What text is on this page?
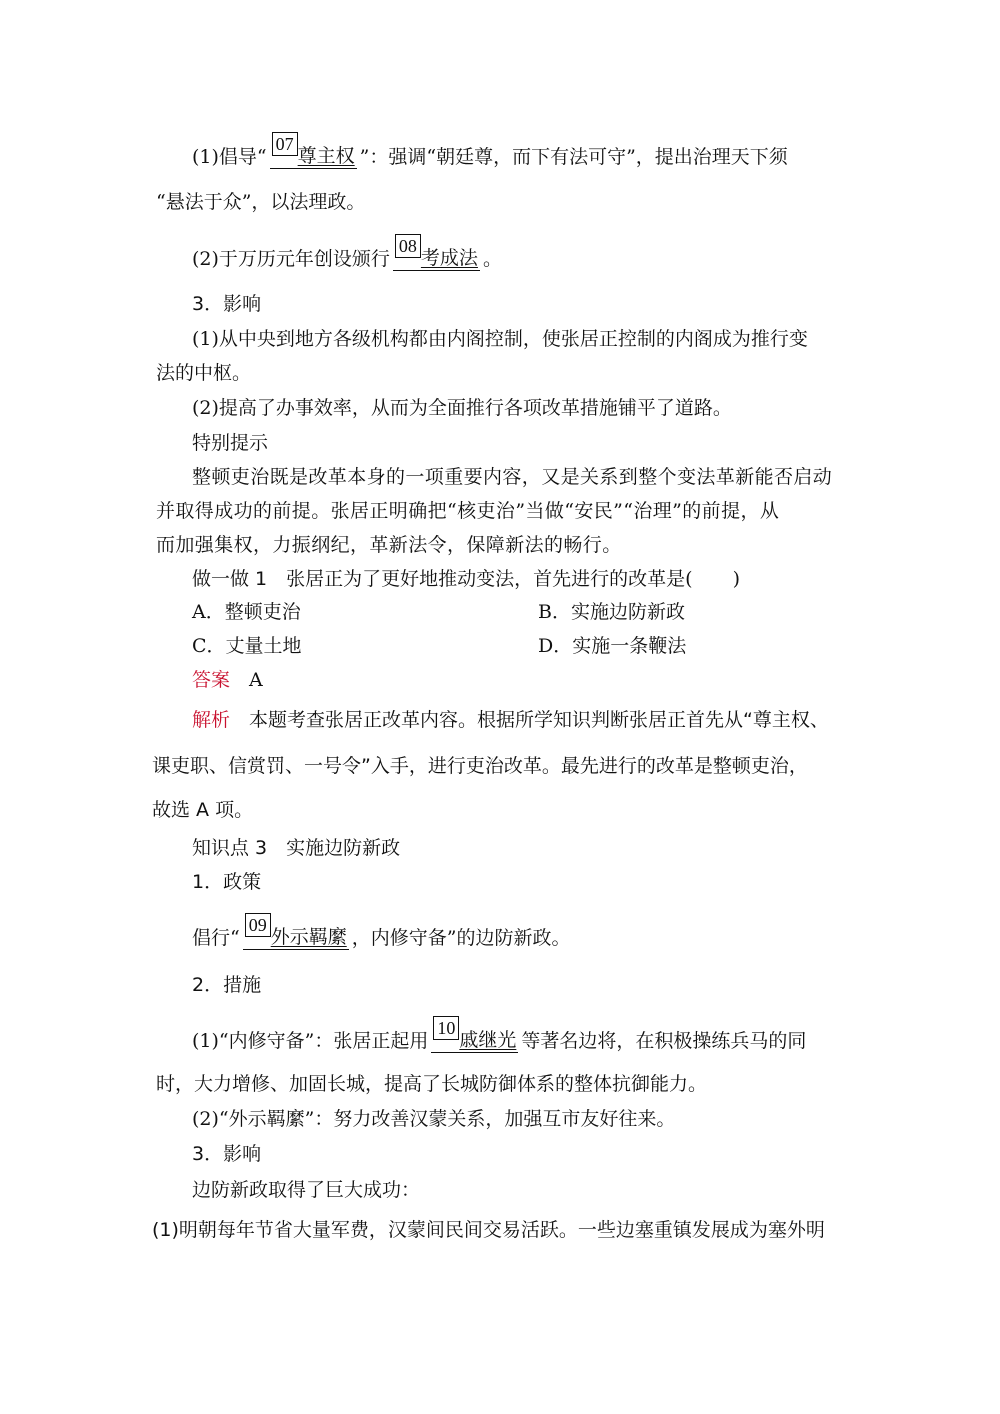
(1)倡导“07尊主权 ”：强调“朝廷尊，而下有法可守”，提出治理天下须
“悬法于众”，以法理政。
(2)于万历元年创设颁行08考成法 。
3．影响
(1)从中央到地方各级机构都由内阁控制，使张居正控制的内阁成为推行变
法的中枢。
(2)提高了办事效率，从而为全面推行各项改革措施铺平了道路。
特别提示
整顿吏治既是改革本身的一项重要内容，又是关系到整个变法革新能否启动
并取得成功的前提。张居正明确把“核吏治”当做“安民”“治理”的前提，从
而加强集权，力振纲纪，革新法令，保障新法的畅行。
做一做 1　 张居正为了更好地推动变法，首先进行的改革是( )
A．整顿吏治	B．实施边防新政
C．丈量土地	D．实施一条鞭法
答案　 A
解析　 本题考查张居正改革内容。根据所学知识判断张居正首先从“尊主权、
课吏职、信赏罚、一号令”入手，进行吏治改革。最先进行的改革是整顿吏治，
故选 A 项。
知识点 3　实施边防新政
1．政策
倡行“09外示羁縻 ，内修守备”的边防新政。
2．措施
(1)“内修守备”：张居正起用10戚继光 等著名边将，在积极操练兵马的同
时，大力增修、加固长城，提高了长城防御体系的整体抗御能力。
(2)“外示羁縻”：努力改善汉蒙关系，加强互市友好往来。
3．影响
边防新政取得了巨大成功：
(1)明朝每年节省大量军费，汉蒙间民间交易活跃。一些边塞重镇发展成为塞外明
